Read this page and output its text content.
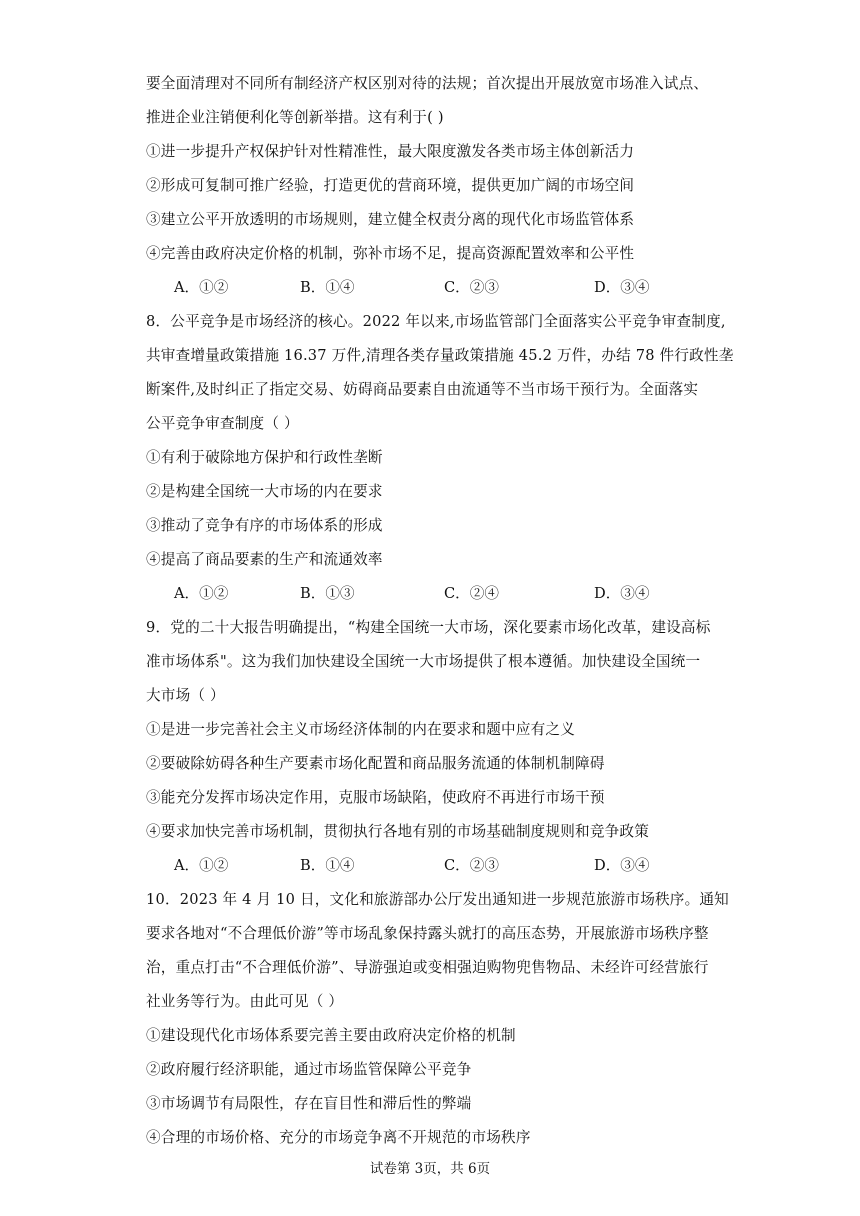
要全面清理对不同所有制经济产权区别对待的法规；首次提出开展放宽市场准入试点、
推进企业注销便利化等创新举措。这有利于( )
①进一步提升产权保护针对性精准性，最大限度激发各类市场主体创新活力
②形成可复制可推广经验，打造更优的营商环境，提供更加广阔的市场空间
③建立公平开放透明的市场规则，建立健全权责分离的现代化市场监管体系
④完善由政府决定价格的机制，弥补市场不足，提高资源配置效率和公平性
A．①②	B．①④	C．②③	D．③④
8．公平竞争是市场经济的核心。2022 年以来,市场监管部门全面落实公平竞争审查制度,
共审查增量政策措施 16.37 万件,清理各类存量政策措施 45.2 万件，办结 78 件行政性垄
断案件,及时纠正了指定交易、妨碍商品要素自由流通等不当市场干预行为。全面落实
公平竞争审查制度（ ）
①有利于破除地方保护和行政性垄断
②是构建全国统一大市场的内在要求
③推动了竞争有序的市场体系的形成
④提高了商品要素的生产和流通效率
A．①②	B．①③	C．②④	D．③④
9．党的二十大报告明确提出，“构建全国统一大市场，深化要素市场化改革，建设高标
准市场体系"。这为我们加快建设全国统一大市场提供了根本遵循。加快建设全国统一
大市场（ ）
①是进一步完善社会主义市场经济体制的内在要求和题中应有之义
②要破除妨碍各种生产要素市场化配置和商品服务流通的体制机制障碍
③能充分发挥市场决定作用，克服市场缺陷，使政府不再进行市场干预
④要求加快完善市场机制，贯彻执行各地有别的市场基础制度规则和竞争政策
A．①②	B．①④	C．②③	D．③④
10．2023 年 4 月 10 日，文化和旅游部办公厅发出通知进一步规范旅游市场秩序。通知
要求各地对“不合理低价游”等市场乱象保持露头就打的高压态势，开展旅游市场秩序整
治，重点打击“不合理低价游”、导游强迫或变相强迫购物兜售物品、未经许可经营旅行
社业务等行为。由此可见（ ）
①建设现代化市场体系要完善主要由政府决定价格的机制
②政府履行经济职能，通过市场监管保障公平竞争
③市场调节有局限性，存在盲目性和滞后性的弊端
④合理的市场价格、充分的市场竞争离不开规范的市场秩序
试卷第 3页，共 6页
